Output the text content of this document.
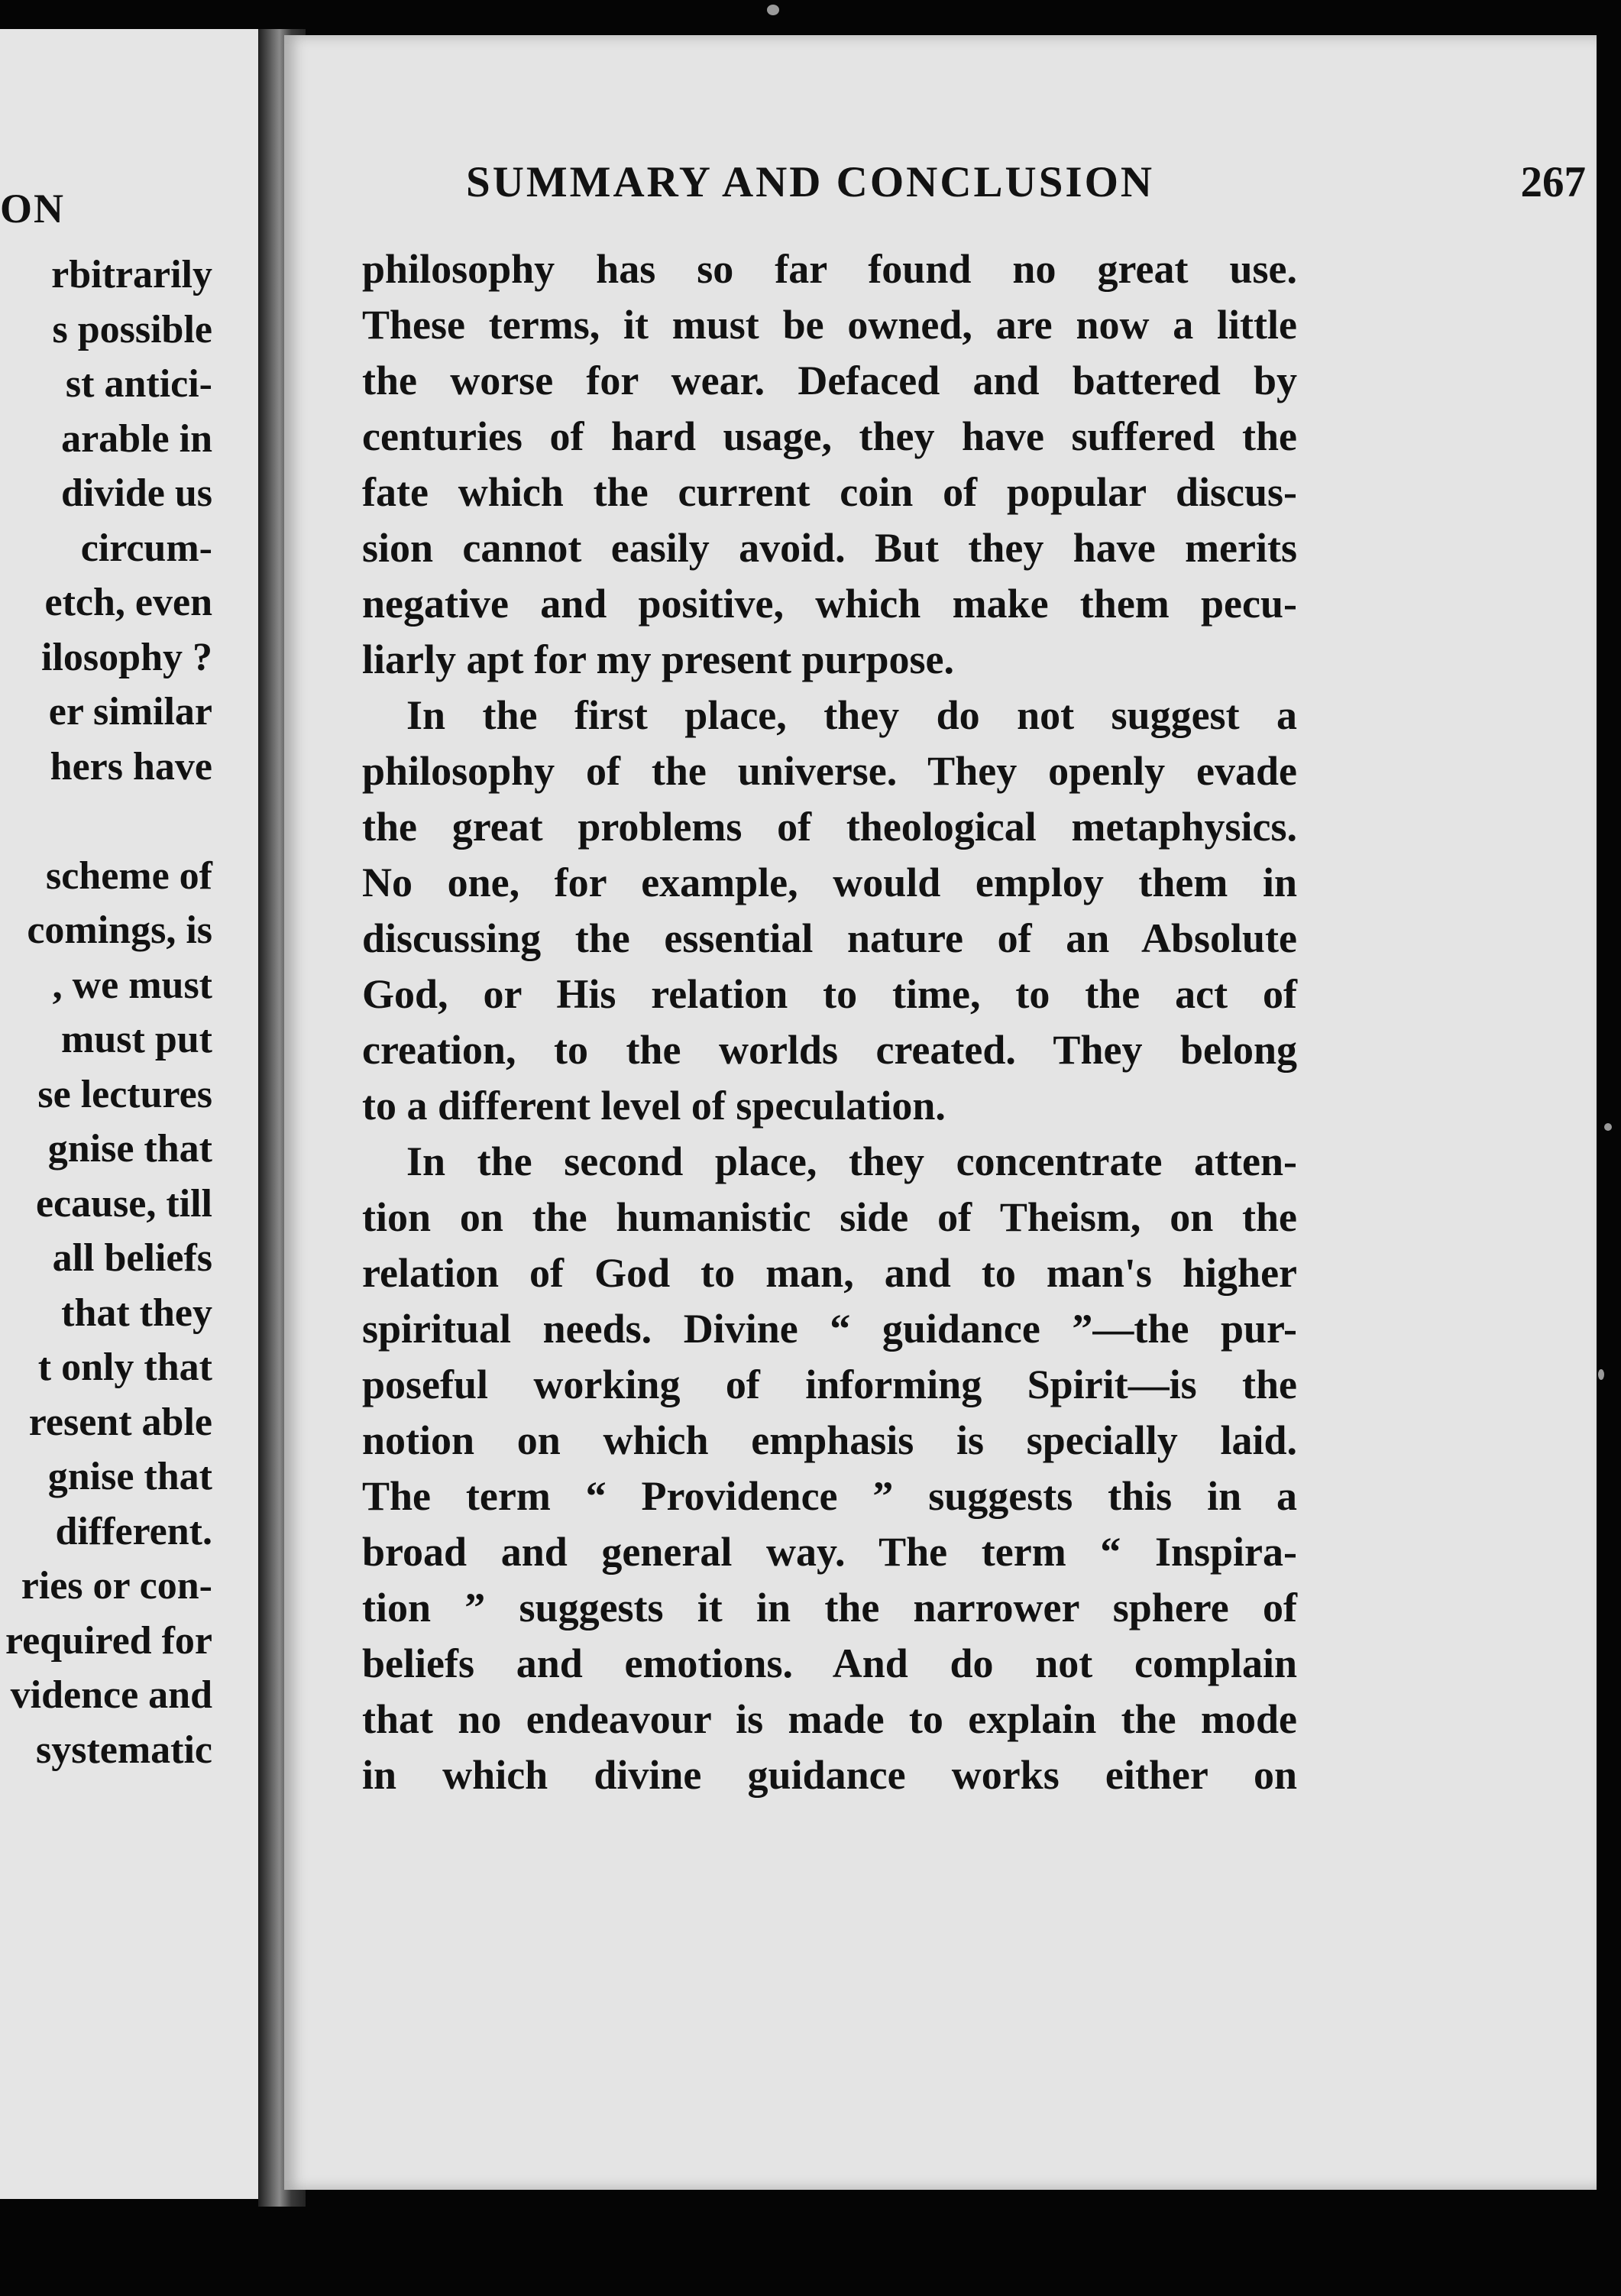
ON
rbitrarily
s possible
st antici-
arable in
divide us
circum-
etch, even
ilosophy ?
er similar
hers have
scheme of
comings, is
, we must
must put
se lectures
gnise that
ecause, till
all beliefs
that they
t only that
resent able
gnise that
different.
ries or con-
required for
vidence and
systematic
SUMMARY AND CONCLUSION	267
philosophy has so far found no great use.
These terms, it must be owned, are now a little
the worse for wear. Defaced and battered by
centuries of hard usage, they have suffered the
fate which the current coin of popular discus-
sion cannot easily avoid. But they have merits
negative and positive, which make them pecu-
liarly apt for my present purpose.
In the first place, they do not suggest a
philosophy of the universe. They openly evade
the great problems of theological metaphysics.
No one, for example, would employ them in
discussing the essential nature of an Absolute
God, or His relation to time, to the act of
creation, to the worlds created. They belong
to a different level of speculation.
In the second place, they concentrate atten-
tion on the humanistic side of Theism, on the
relation of God to man, and to man's higher
spiritual needs. Divine “ guidance ”—the pur-
poseful working of informing Spirit—is the
notion on which emphasis is specially laid.
The term “ Providence ” suggests this in a
broad and general way. The term “ Inspira-
tion ” suggests it in the narrower sphere of
beliefs and emotions. And do not complain
that no endeavour is made to explain the mode
in which divine guidance works either on
